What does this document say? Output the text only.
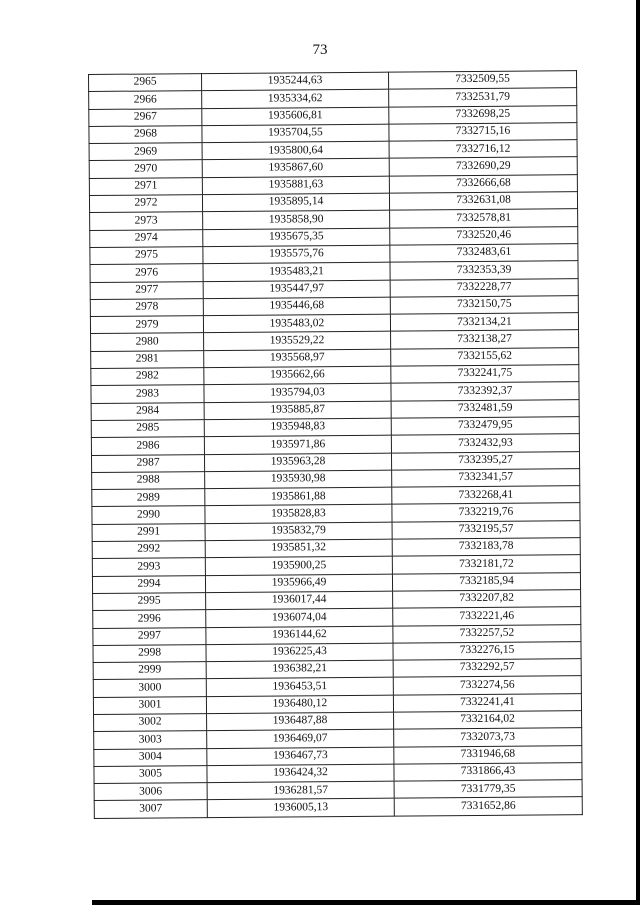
73
2965	1935244,63	7332509,55
2966	1935334,62	7332531,79
2967	1935606,81	7332698,25
2968	1935704,55	7332715,16
2969	1935800,64	7332716,12
2970	1935867,60	7332690,29
2971	1935881,63	7332666,68
2972	1935895,14	7332631,08
2973	1935858,90	7332578,81
2974	1935675,35	7332520,46
2975	1935575,76	7332483,61
2976	1935483,21	7332353,39
2977	1935447,97	7332228,77
2978	1935446,68	7332150,75
2979	1935483,02	7332134,21
2980	1935529,22	7332138,27
2981	1935568,97	7332155,62
2982	1935662,66	7332241,75
2983	1935794,03	7332392,37
2984	1935885,87	7332481,59
2985	1935948,83	7332479,95
2986	1935971,86	7332432,93
2987	1935963,28	7332395,27
2988	1935930,98	7332341,57
2989	1935861,88	7332268,41
2990	1935828,83	7332219,76
2991	1935832,79	7332195,57
2992	1935851,32	7332183,78
2993	1935900,25	7332181,72
2994	1935966,49	7332185,94
2995	1936017,44	7332207,82
2996	1936074,04	7332221,46
2997	1936144,62	7332257,52
2998	1936225,43	7332276,15
2999	1936382,21	7332292,57
3000	1936453,51	7332274,56
3001	1936480,12	7332241,41
3002	1936487,88	7332164,02
3003	1936469,07	7332073,73
3004	1936467,73	7331946,68
3005	1936424,32	7331866,43
3006	1936281,57	7331779,35
3007	1936005,13	7331652,86
